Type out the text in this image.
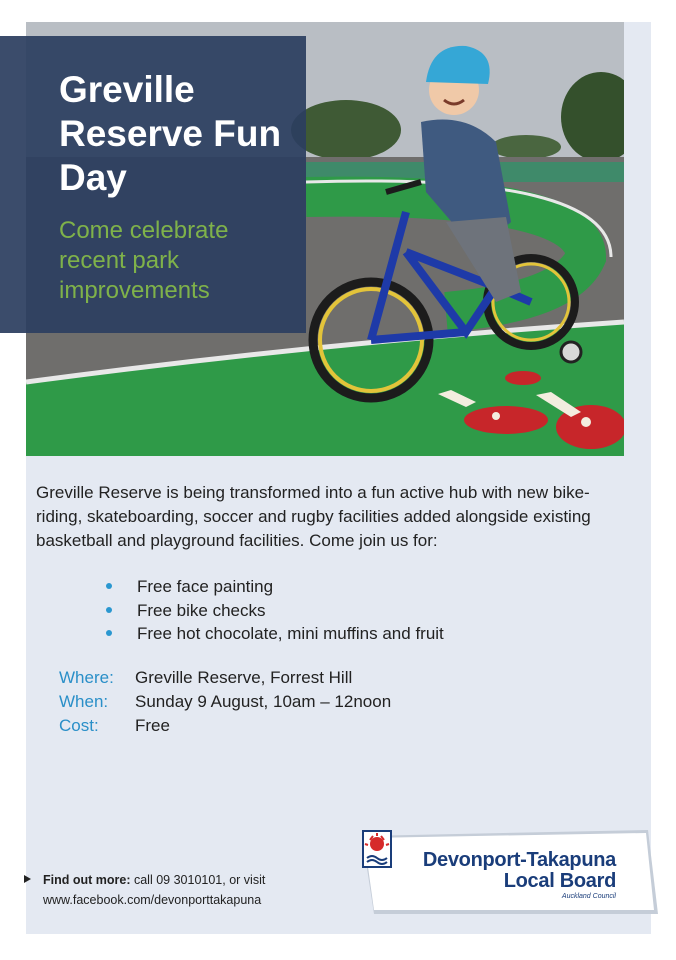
Greville Reserve Fun Day

Come celebrate recent park improvements

Greville Reserve is being transformed into a fun active hub with new bike-riding, skateboarding, soccer and rugby facilities added alongside existing basketball and playground facilities. Come join us for:

Free face painting
Free bike checks
Free hot chocolate, mini muffins and fruit
Where: Greville Reserve, Forrest Hill
When: Sunday 9 August, 10am – 12noon
Cost: Free
Find out more: call 09 3010101, or visit
www.facebook.com/devonporttakapuna
Devonport-Takapuna
Local Board
Auckland Council
